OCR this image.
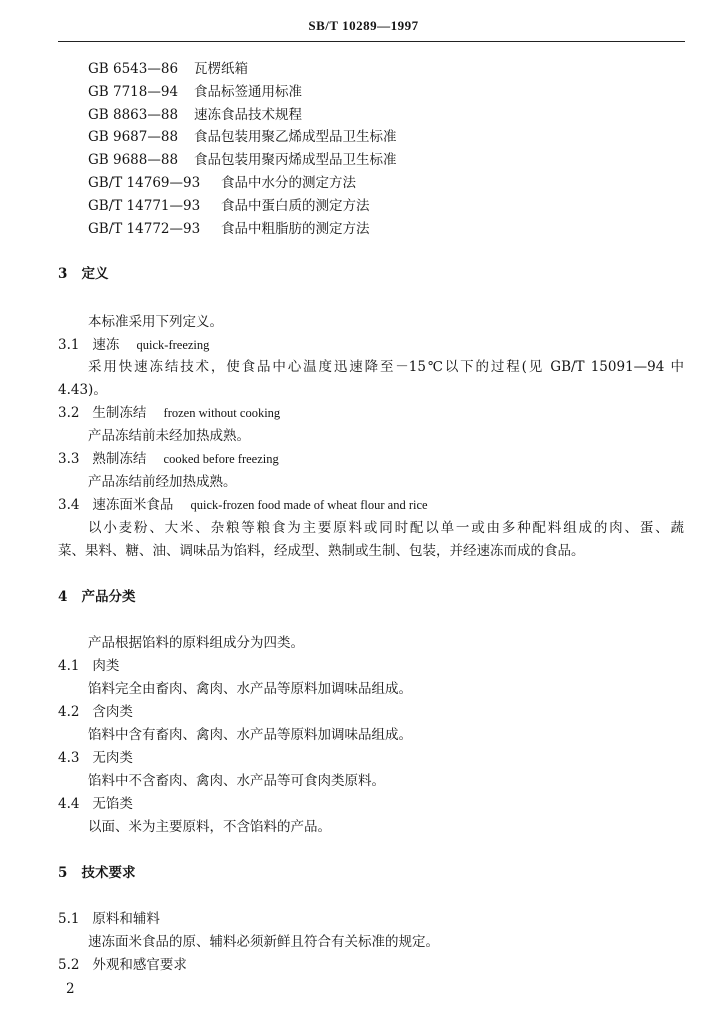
SB/T 10289—1997
GB 6543—86 瓦楞纸箱
GB 7718—94 食品标签通用标准
GB 8863—88 速冻食品技术规程
GB 9687—88 食品包装用聚乙烯成型品卫生标准
GB 9688—88 食品包装用聚丙烯成型品卫生标准
GB/T 14769—93 食品中水分的测定方法
GB/T 14771—93 食品中蛋白质的测定方法
GB/T 14772—93 食品中粗脂肪的测定方法
3 定义
本标准采用下列定义。
3.1 速冻 quick-freezing
采用快速冻结技术，使食品中心温度迅速降至－15℃以下的过程(见 GB/T 15091—94 中
4.43)。
3.2 生制冻结 frozen without cooking
产品冻结前未经加热成熟。
3.3 熟制冻结 cooked before freezing
产品冻结前经加热成熟。
3.4 速冻面米食品 quick-frozen food made of wheat flour and rice
以小麦粉、大米、杂粮等粮食为主要原料或同时配以单一或由多种配料组成的肉、蛋、蔬
菜、果料、糖、油、调味品为馅料，经成型、熟制或生制、包装，并经速冻而成的食品。
4 产品分类
产品根据馅料的原料组成分为四类。
4.1 肉类
馅料完全由畜肉、禽肉、水产品等原料加调味品组成。
4.2 含肉类
馅料中含有畜肉、禽肉、水产品等原料加调味品组成。
4.3 无肉类
馅料中不含畜肉、禽肉、水产品等可食肉类原料。
4.4 无馅类
以面、米为主要原料，不含馅料的产品。
5 技术要求
5.1 原料和辅料
速冻面米食品的原、辅料必须新鲜且符合有关标准的规定。
5.2 外观和感官要求
2
